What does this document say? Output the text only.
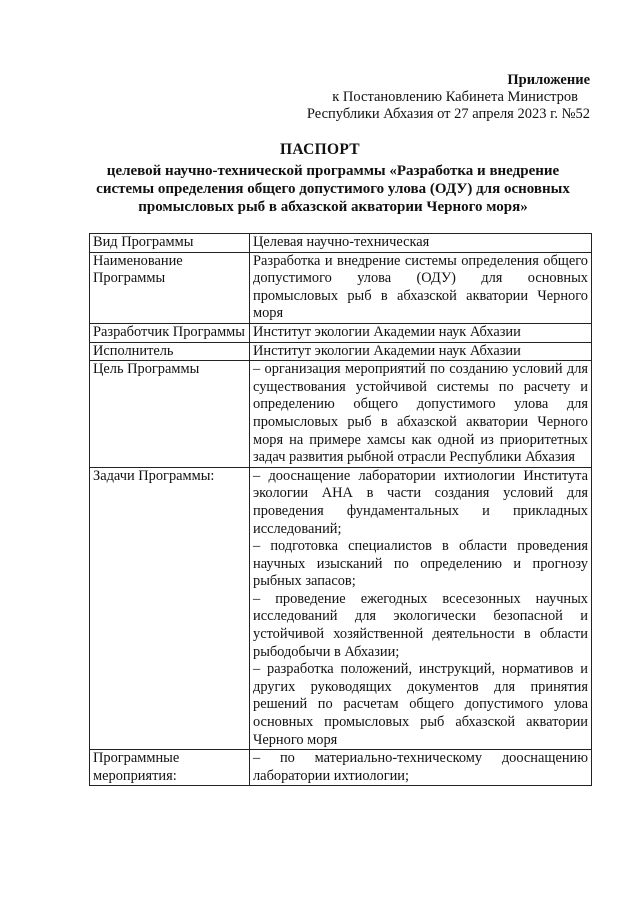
Приложение
к Постановлению Кабинета Министров
Республики Абхазия от 27 апреля 2023 г. №52
ПАСПОРТ
целевой научно-технической программы «Разработка и внедрение системы определения общего допустимого улова (ОДУ) для основных промысловых рыб в абхазской акватории Черного моря»
Вид Программы	Целевая научно-техническая
Наименование Программы	Разработка и внедрение системы определения общего допустимого улова (ОДУ) для основных промысловых рыб в абхазской акватории Черного моря
Разработчик Программы	Институт экологии Академии наук Абхазии
Исполнитель	Институт экологии Академии наук Абхазии
Цель Программы	– организация мероприятий по созданию условий для существования устойчивой системы по расчету и определению общего допустимого улова для промысловых рыб в абхазской акватории Черного моря на примере хамсы как одной из приоритетных задач развития рыбной отрасли Республики Абхазия
Задачи Программы:	– дооснащение лаборатории ихтиологии Института экологии АНА в части создания условий для проведения фундаментальных и прикладных исследований;
– подготовка специалистов в области проведения научных изысканий по определению и прогнозу рыбных запасов;
– проведение ежегодных всесезонных научных исследований для экологически безопасной и устойчивой хозяйственной деятельности в области рыбодобычи в Абхазии;
– разработка положений, инструкций, нормативов и других руководящих документов для принятия решений по расчетам общего допустимого улова основных промысловых рыб абхазской акватории Черного моря

Программные мероприятия:	– по материально-техническому дооснащению лаборатории ихтиологии;
